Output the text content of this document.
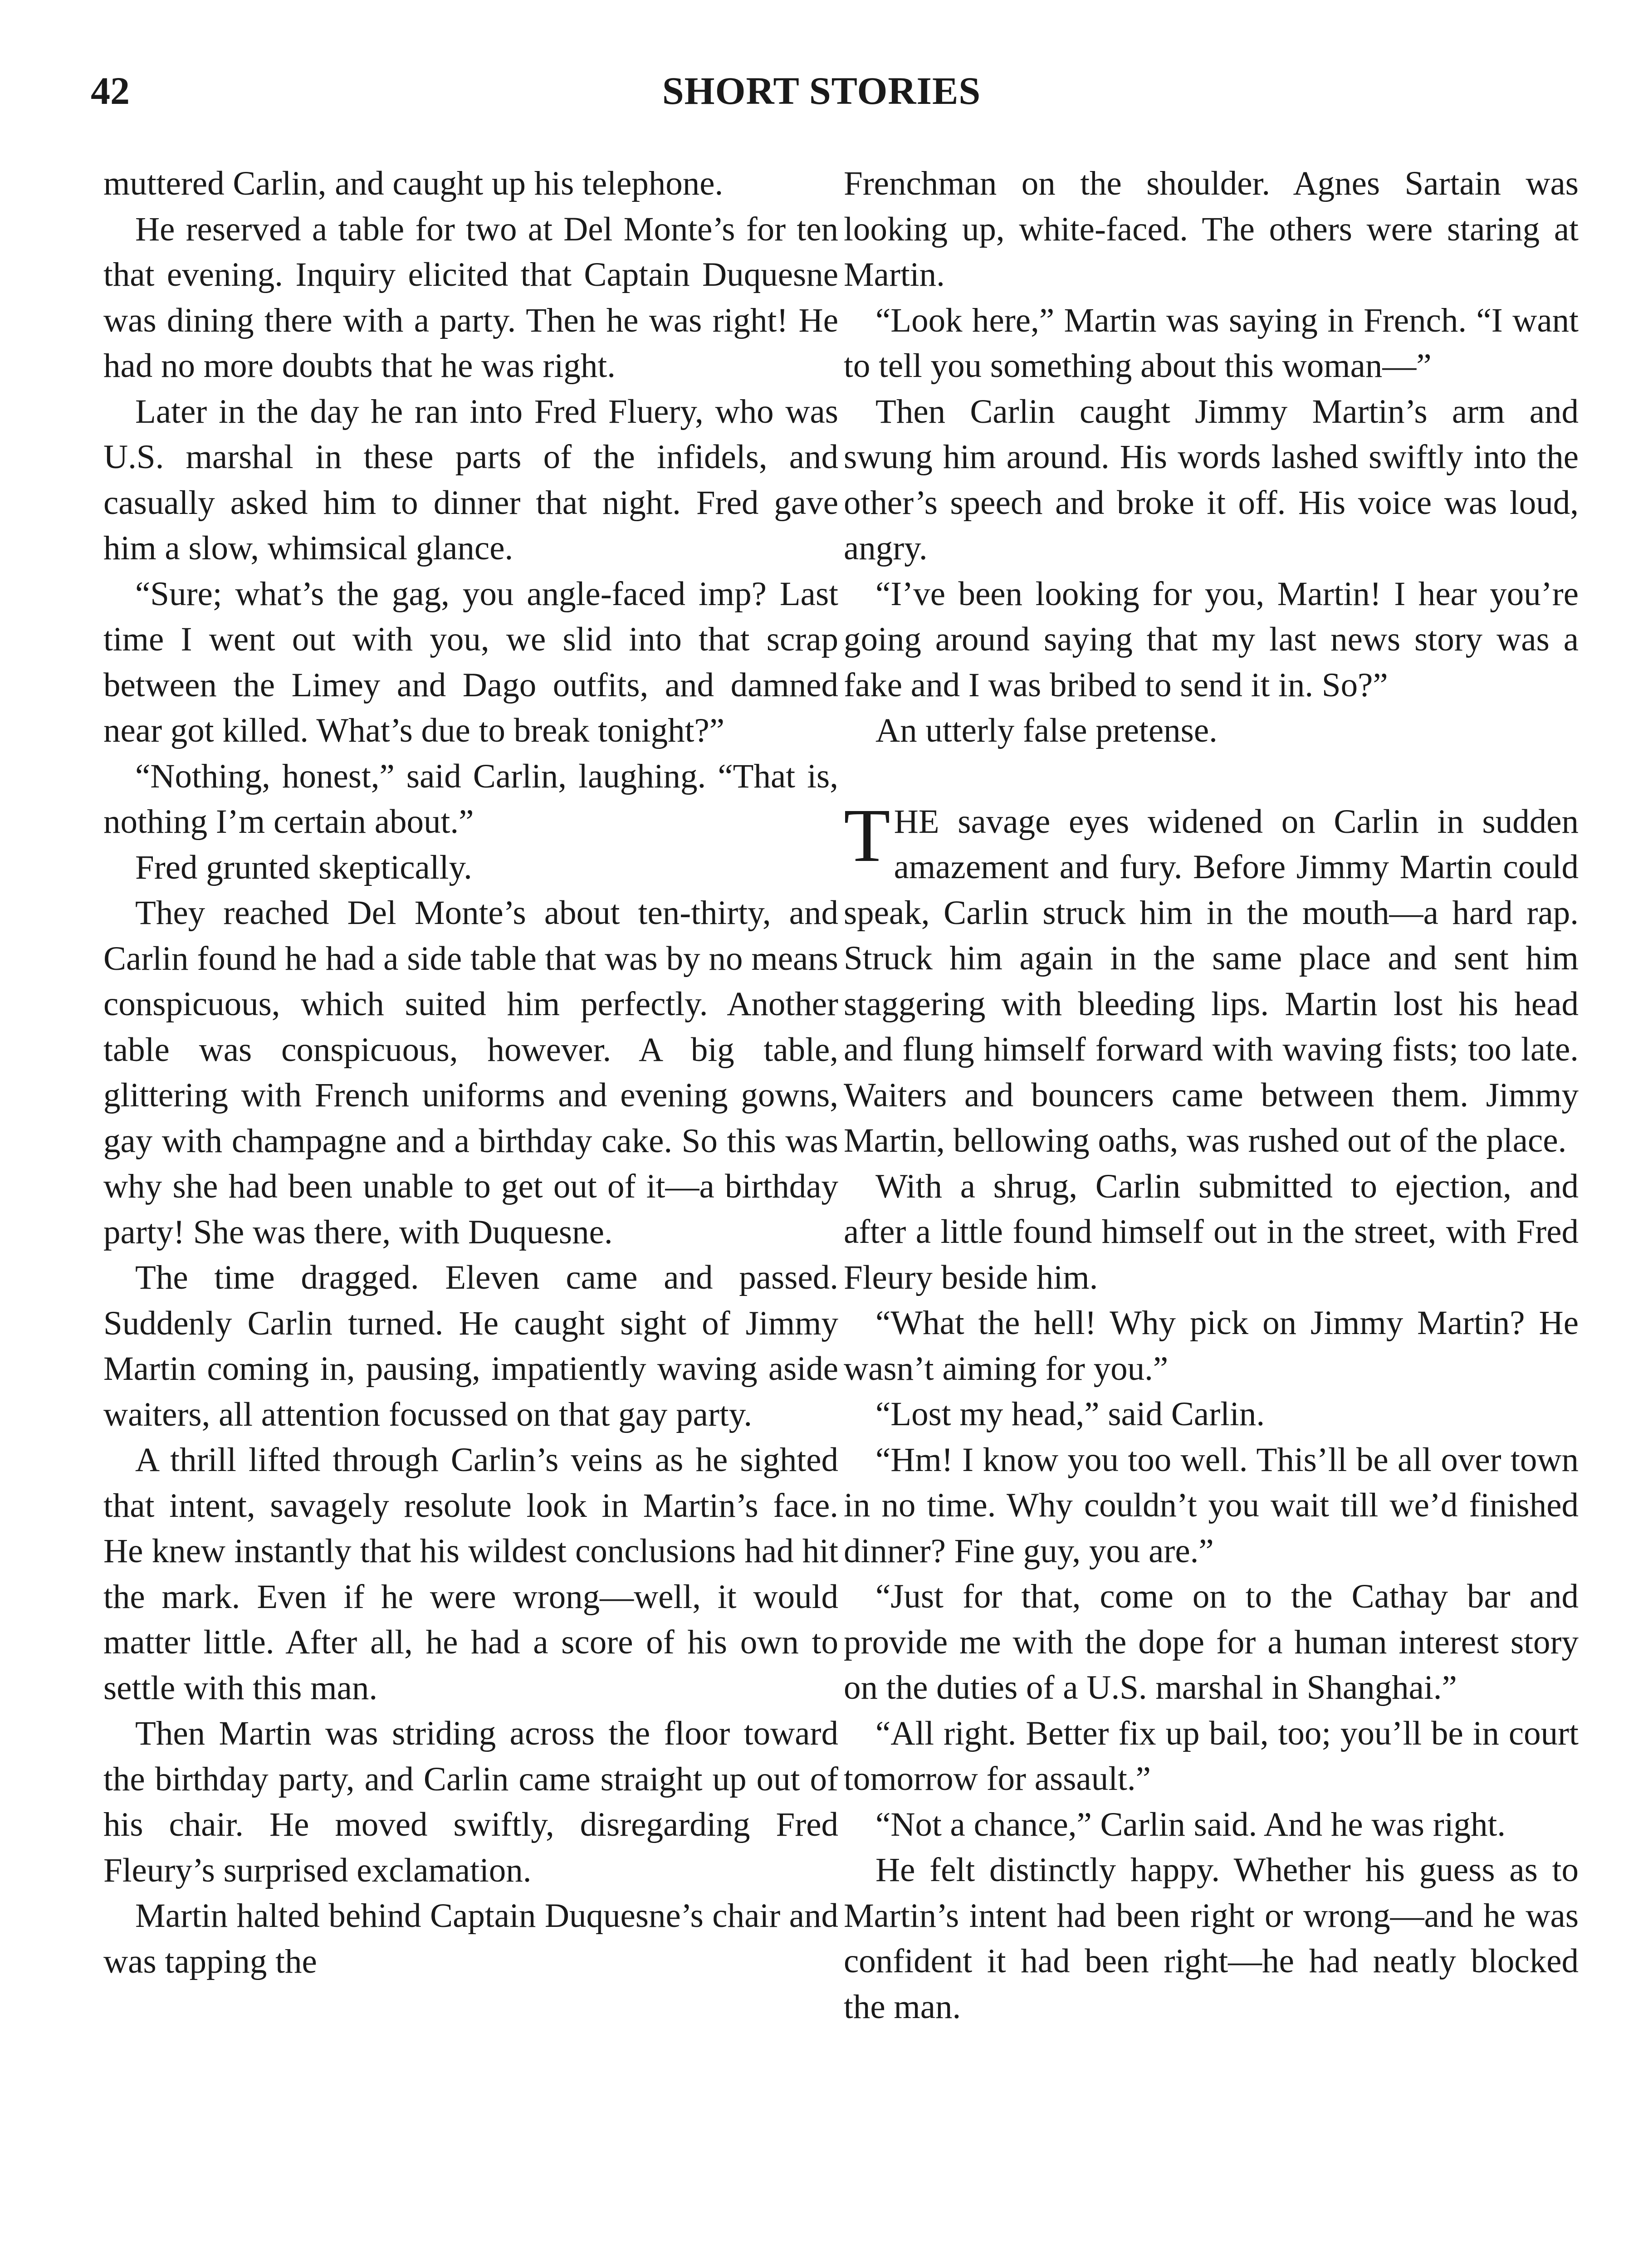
42	SHORT STORIES

muttered Carlin, and caught up his telephone.

He reserved a table for two at Del Monte’s for ten that evening. Inquiry elicited that Captain Duquesne was dining there with a party. Then he was right! He had no more doubts that he was right.

Later in the day he ran into Fred Fluery, who was U.S. marshal in these parts of the infidels, and casually asked him to dinner that night. Fred gave him a slow, whimsical glance.

“Sure; what’s the gag, you angle-faced imp? Last time I went out with you, we slid into that scrap between the Limey and Dago outfits, and damned near got killed. What’s due to break tonight?”

“Nothing, honest,” said Carlin, laughing. “That is, nothing I’m certain about.”

Fred grunted skeptically.

They reached Del Monte’s about ten-thirty, and Carlin found he had a side table that was by no means conspicuous, which suited him perfectly. Another table was conspicuous, however. A big table, glittering with French uniforms and evening gowns, gay with champagne and a birthday cake. So this was why she had been unable to get out of it—a birthday party! She was there, with Duquesne.

The time dragged. Eleven came and passed. Suddenly Carlin turned. He caught sight of Jimmy Martin coming in, pausing, impatiently waving aside waiters, all attention focussed on that gay party.

A thrill lifted through Carlin’s veins as he sighted that intent, savagely resolute look in Martin’s face. He knew instantly that his wildest conclusions had hit the mark. Even if he were wrong—well, it would matter little. After all, he had a score of his own to settle with this man.

Then Martin was striding across the floor toward the birthday party, and Carlin came straight up out of his chair. He moved swiftly, disregarding Fred Fleury’s surprised exclamation.

Martin halted behind Captain Duquesne’s chair and was tapping the

Frenchman on the shoulder. Agnes Sartain was looking up, white-faced. The others were staring at Martin.

“Look here,” Martin was saying in French. “I want to tell you something about this woman—”

Then Carlin caught Jimmy Martin’s arm and swung him around. His words lashed swiftly into the other’s speech and broke it off. His voice was loud, angry.

“I’ve been looking for you, Martin! I hear you’re going around saying that my last news story was a fake and I was bribed to send it in. So?”

An utterly false pretense.

THE savage eyes widened on Carlin in sudden amazement and fury. Before Jimmy Martin could speak, Carlin struck him in the mouth—a hard rap. Struck him again in the same place and sent him staggering with bleeding lips. Martin lost his head and flung himself forward with waving fists; too late. Waiters and bouncers came between them. Jimmy Martin, bellowing oaths, was rushed out of the place.

With a shrug, Carlin submitted to ejection, and after a little found himself out in the street, with Fred Fleury beside him.

“What the hell! Why pick on Jimmy Martin? He wasn’t aiming for you.”

“Lost my head,” said Carlin.

“Hm! I know you too well. This’ll be all over town in no time. Why couldn’t you wait till we’d finished dinner? Fine guy, you are.”

“Just for that, come on to the Cathay bar and provide me with the dope for a human interest story on the duties of a U.S. marshal in Shanghai.”

“All right. Better fix up bail, too; you’ll be in court tomorrow for assault.”

“Not a chance,” Carlin said. And he was right.

He felt distinctly happy. Whether his guess as to Martin’s intent had been right or wrong—and he was confident it had been right—he had neatly blocked the man.
